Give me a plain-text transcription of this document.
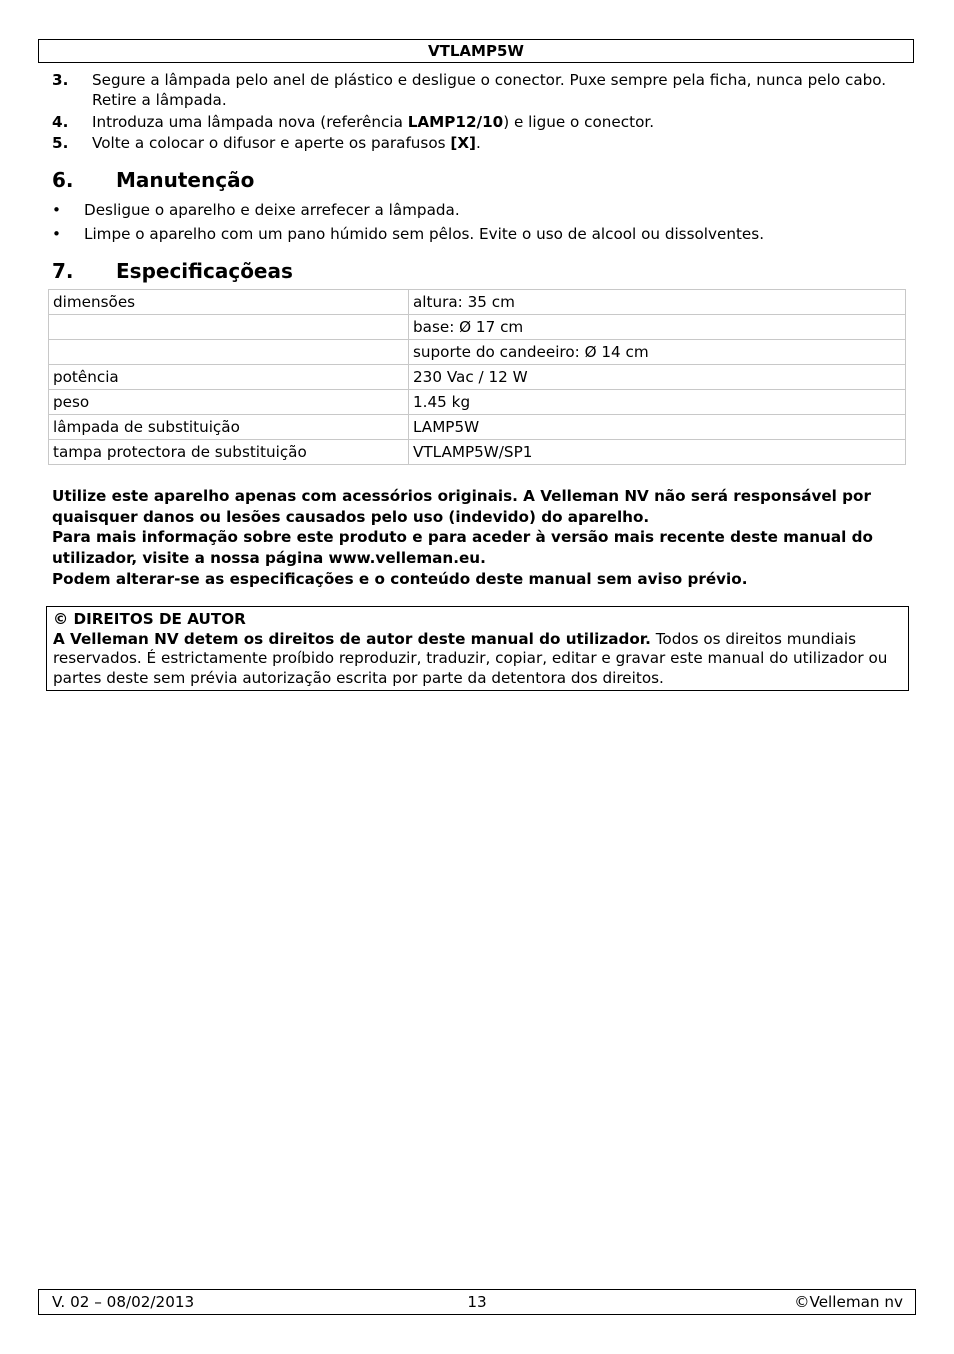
VTLAMP5W
3. Segure a lâmpada pelo anel de plástico e desligue o conector. Puxe sempre pela ficha, nunca pelo cabo. Retire a lâmpada.
4. Introduza uma lâmpada nova (referência LAMP12/10) e ligue o conector.
5. Volte a colocar o difusor e aperte os parafusos [X].
6. Manutenção
• Desligue o aparelho e deixe arrefecer a lâmpada.
• Limpe o aparelho com um pano húmido sem pêlos. Evite o uso de alcool ou dissolventes.
7. Especificaçõeas
dimensões	altura: 35 cm
	base: Ø 17 cm
	suporte do candeeiro: Ø 14 cm
potência	230 Vac / 12 W
peso	1.45 kg
lâmpada de substituição	LAMP5W
tampa protectora de substituição	VTLAMP5W/SP1
Utilize este aparelho apenas com acessórios originais. A Velleman NV não será responsável por quaisquer danos ou lesões causados pelo uso (indevido) do aparelho.
Para mais informação sobre este produto e para aceder à versão mais recente deste manual do utilizador, visite a nossa página www.velleman.eu.
Podem alterar-se as especificações e o conteúdo deste manual sem aviso prévio.
© DIREITOS DE AUTOR
A Velleman NV detem os direitos de autor deste manual do utilizador. Todos os direitos mundiais reservados. É estrictamente proíbido reproduzir, traduzir, copiar, editar e gravar este manual do utilizador ou partes deste sem prévia autorização escrita por parte da detentora dos direitos.
V. 02 – 08/02/2013	13	©Velleman nv
